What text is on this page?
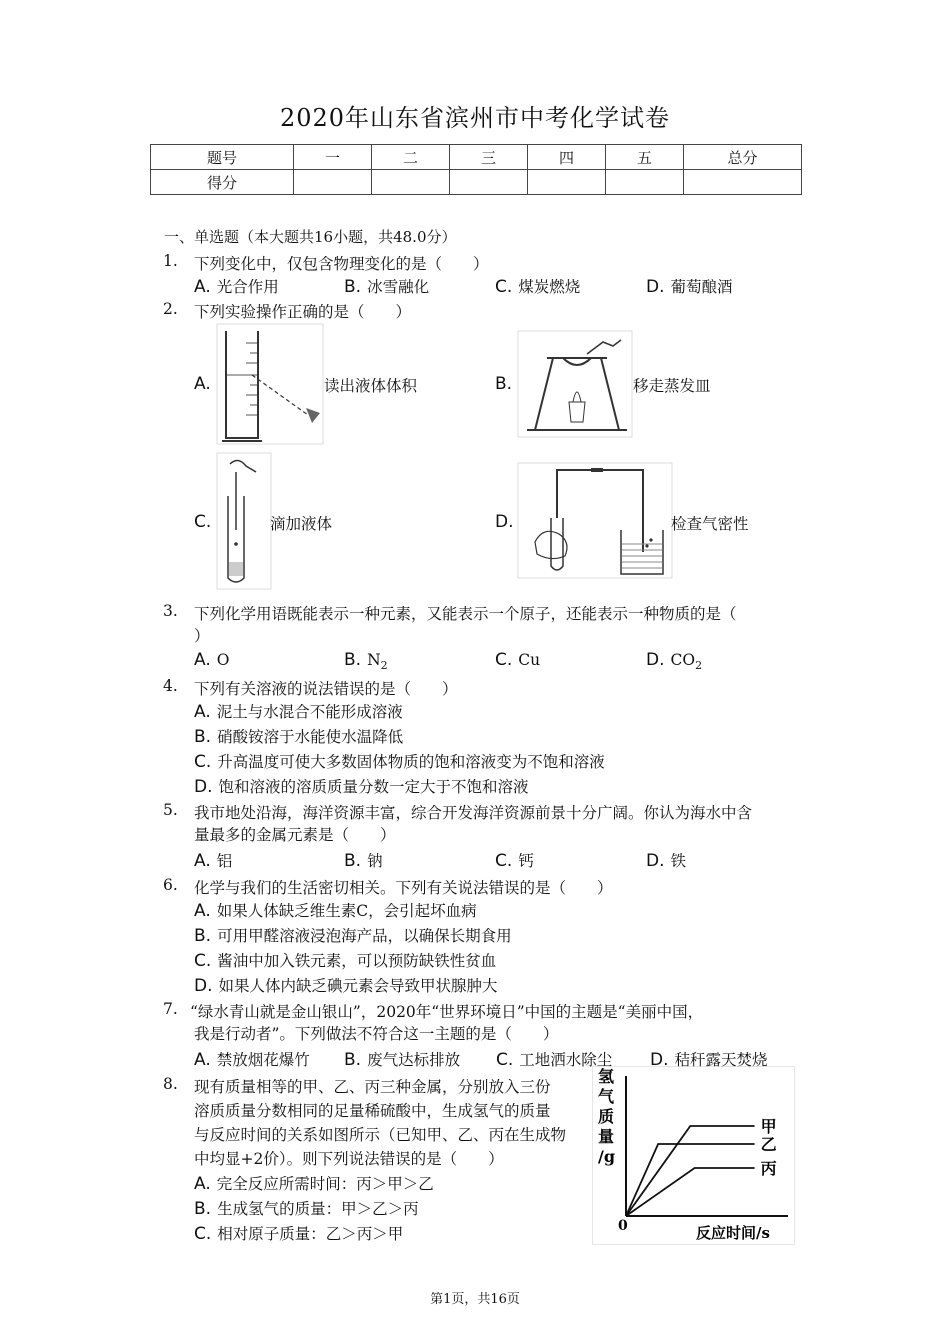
2020年山东省滨州市中考化学试卷
题号	一	二	三	四	五	总分
得分						
一、单选题（本大题共16小题，共48.0分）
1. 下列变化中，仅包含物理变化的是（　　）
A. 光合作用	B. 冰雪融化	C. 煤炭燃烧	D. 葡萄酿酒
2. 下列实验操作正确的是（　　）
A.	读出液体体积	B.	移走蒸发皿
C.	滴加液体	D.	检查气密性
3. 下列化学用语既能表示一种元素，又能表示一个原子，还能表示一种物质的是（
）
A. O	B. $N_2$	C. Cu	D. $CO_2$
4. 下列有关溶液的说法错误的是（　　）
A. 泥土与水混合不能形成溶液
B. 硝酸铵溶于水能使水温降低
C. 升高温度可使大多数固体物质的饱和溶液变为不饱和溶液
D. 饱和溶液的溶质质量分数一定大于不饱和溶液
5. 我市地处沿海，海洋资源丰富，综合开发海洋资源前景十分广阔。你认为海水中含
量最多的金属元素是（　　）
A. 铝	B. 钠	C. 钙	D. 铁
6. 化学与我们的生活密切相关。下列有关说法错误的是（　　）
A. 如果人体缺乏维生素C，会引起坏血病
B. 可用甲醛溶液浸泡海产品，以确保长期食用
C. 酱油中加入铁元素，可以预防缺铁性贫血
D. 如果人体内缺乏碘元素会导致甲状腺肿大
7. “绿水青山就是金山银山”，2020年“世界环境日”中国的主题是“美丽中国，
我是行动者”。下列做法不符合这一主题的是（　　）
A. 禁放烟花爆竹 B. 废气达标排放 C. 工地洒水除尘 D. 秸秆露天焚烧
8. 现有质量相等的甲、乙、丙三种金属，分别放入三份
溶质质量分数相同的足量稀硫酸中，生成氢气的质量
与反应时间的关系如图所示（已知甲、乙、丙在生成物
中均显+2价）。则下列说法错误的是（　　）
A. 完全反应所需时间：丙＞甲＞乙
B. 生成氢气的质量：甲＞乙＞丙
C. 相对原子质量：乙＞丙＞甲
氢
气
质
量
/g
0	反应时间/s
甲
乙
丙
第1页，共16页
